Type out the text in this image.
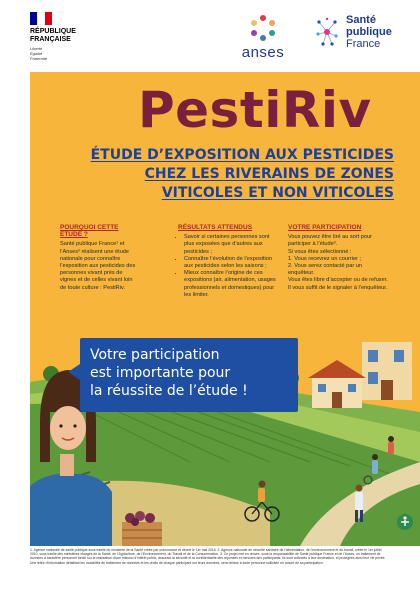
RÉPUBLIQUE
FRANÇAISE
Liberté
Égalité
Fraternité	anses
Santé
publique
France
PestiRiv
ÉTUDE D’EXPOSITION AUX PESTICIDES
CHEZ LES RIVERAINS DE ZONES
VITICOLES ET NON VITICOLES
POURQUOI CETTE ÉTUDE ?

Santé publique France¹ et l’Anses² réalisent une étude nationale pour connaître l’exposition aux pesticides des personnes vivant près de vignes et de celles vivant loin de toute culture : PestiRiv.

RÉSULTATS ATTENDUS
• Savoir si certaines personnes sont plus exposées que d’autres aux pesticides ;
• Connaître l’évolution de l’exposition aux pesticides selon les saisons ;
• Mieux connaître l’origine de ces expositions (air, alimentation, usages professionnels et domestiques) pour les limiter.
VOTRE PARTICIPATION

Vous pouvez être tiré au sort pour participer à l’étude³.

Si vous êtes sélectionné :

1. Vous recevrez un courrier ;

2. Vous serez contacté par un enquêteur.

Vous êtes libre d’accepter ou de refuser.

Il vous suffit de le signaler à l’enquêteur.

Votre participation
est importante pour
la réussite de l’étude !
1. Agence nationale de santé publique sous tutelle du ministère de la Santé créée par ordonnance et décret le 1er mai 2016. 2. Agence nationale de sécurité sanitaire de l’alimentation, de l’environnement et du travail, créée le 1er juillet 2010, sous tutelle des ministères chargés de la Santé, de l’Agriculture, de l’Environnement, du Travail et de la Consommation. 3. Ce projet met en œuvre, sous la responsabilité de Santé publique France et de l’Anses, un traitement de données à caractère personnel fondé sur la réalisation d’une mission d’intérêt public, assurant la sécurité et la confidentialité des réponses et mesures des participants. Ils sont collectés à leur destination, et protégées ainsi leur vie privée. Une lettre d’information détaillant les modalités de traitement de données et les droits de chaque participant sur leurs données, sera remise à toute personne sollicitée en amont de sa participation.
